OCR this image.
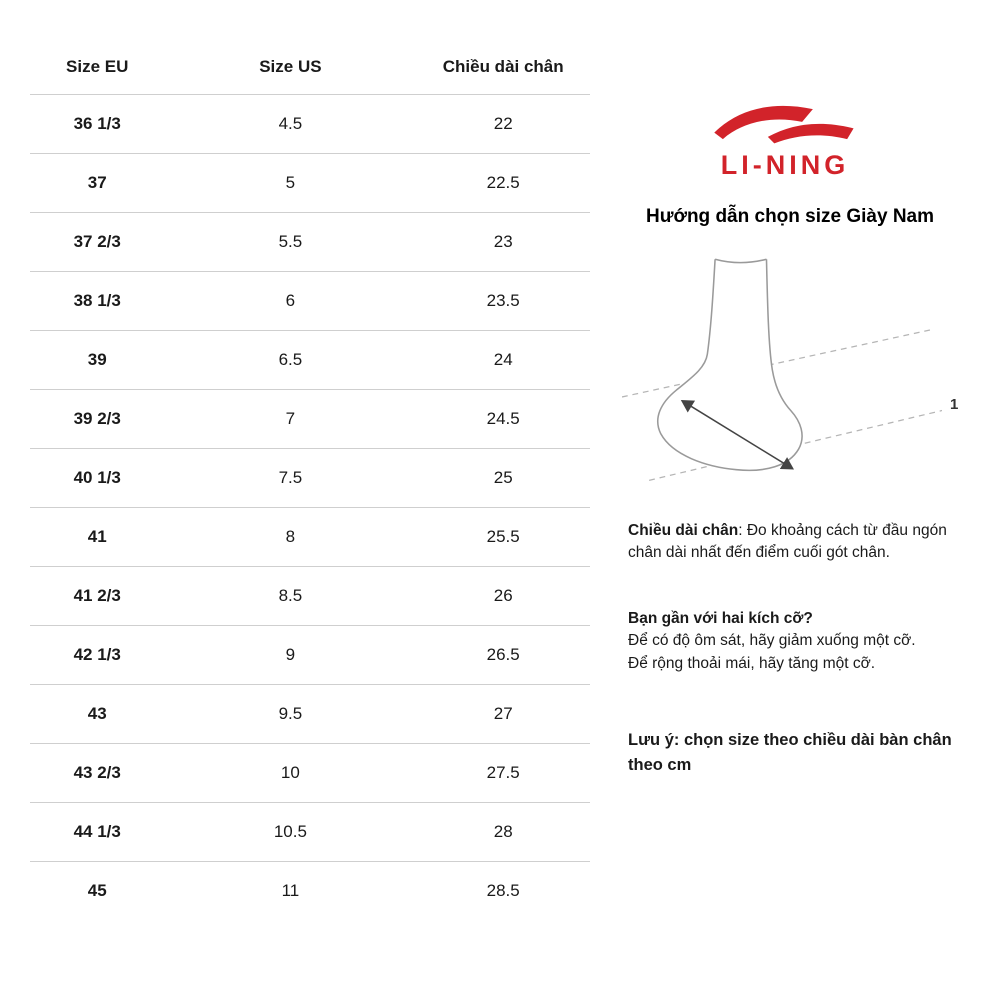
Size EU	Size US	Chiều dài chân
36 1/3	4.5	22
37	5	22.5
37 2/3	5.5	23
38 1/3	6	23.5
39	6.5	24
39 2/3	7	24.5
40 1/3	7.5	25
41	8	25.5
41 2/3	8.5	26
42 1/3	9	26.5
43	9.5	27
43 2/3	10	27.5
44 1/3	10.5	28
45	11	28.5
LI-NING
Hướng dẫn chọn size Giày Nam
1
Chiều dài chân: Đo khoảng cách từ đầu ngón chân dài nhất đến điểm cuối gót chân.
Bạn gần với hai kích cỡ?
Để có độ ôm sát, hãy giảm xuống một cỡ.
Để rộng thoải mái, hãy tăng một cỡ.
Lưu ý: chọn size theo chiều dài bàn chân theo cm
